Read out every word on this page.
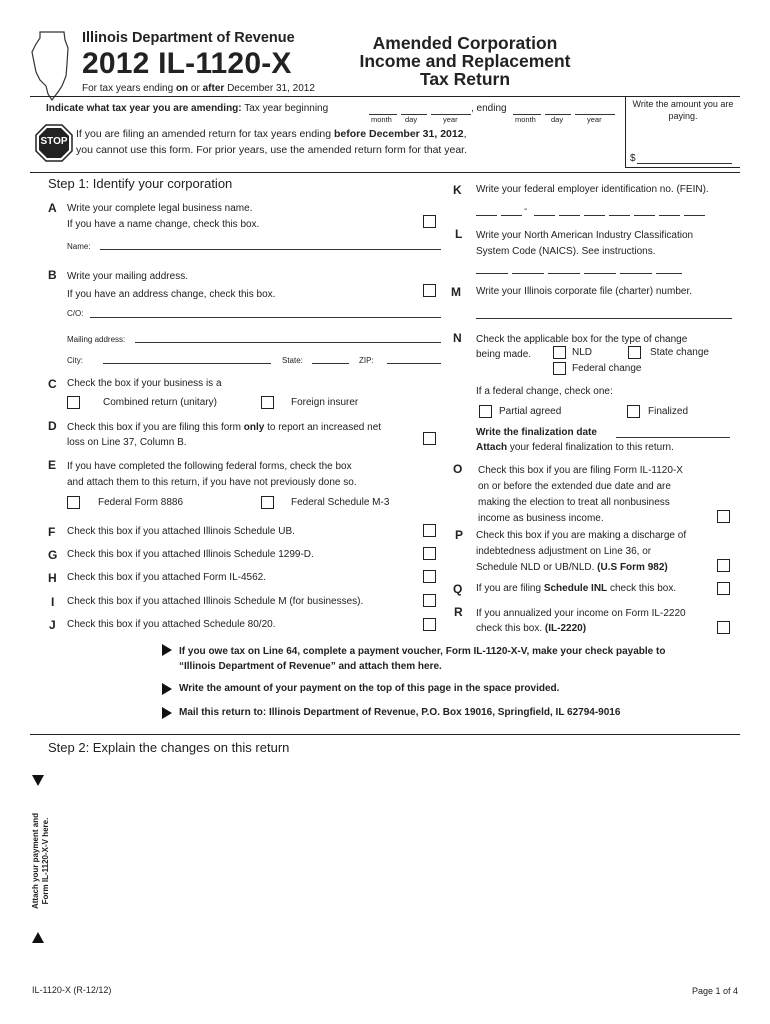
Illinois Department of Revenue
2012 IL-1120-X
For tax years ending on or after December 31, 2012
Amended Corporation
Income and Replacement
Tax Return
Indicate what tax year you are amending: Tax year beginning	, ending
month day	year	month day	year
STOP
If you are filing an amended return for tax years ending before December 31, 2012,
you cannot use this form. For prior years, use the amended return form for that year.
Write the amount you are paying.
$
Step 1: Identify your corporation
A Write your complete legal business name.
If you have a name change, check this box.
Name:
B Write your mailing address.
If you have an address change, check this box.
C/O:
Mailing address:
City:	State:	ZIP:
C Check the box if your business is a
Combined return (unitary)	Foreign insurer
D Check this box if you are filing this form only to report an increased net
loss on Line 37, Column B.
E If you have completed the following federal forms, check the box
and attach them to this return, if you have not previously done so.
Federal Form 8886	Federal Schedule M-3
F Check this box if you attached Illinois Schedule UB.
G Check this box if you attached Illinois Schedule 1299-D.
H Check this box if you attached Form IL-4562.
I Check this box if you attached Illinois Schedule M (for businesses).
J Check this box if you attached Schedule 80/20.
K Write your federal employer identification no. (FEIN).
-
L Write your North American Industry Classification
System Code (NAICS). See instructions.
M Write your Illinois corporate file (charter) number.
N Check the applicable box for the type of change
being made.	NLD	State change
Federal change
If a federal change, check one:
Partial agreed	Finalized
Write the finalization date
Attach your federal finalization to this return.
O Check this box if you are filing Form IL-1120-X
on or before the extended due date and are
making the election to treat all nonbusiness
income as business income.
P Check this box if you are making a discharge of
indebtedness adjustment on Line 36, or
Schedule NLD or UB/NLD. (U.S Form 982)
Q If you are filing Schedule INL check this box.
R If you annualized your income on Form IL-2220
check this box. (IL-2220)
If you owe tax on Line 64, complete a payment voucher, Form IL-1120-X-V, make your check payable to
“Illinois Department of Revenue” and attach them here.
Write the amount of your payment on the top of this page in the space provided.
Mail this return to: Illinois Department of Revenue, P.O. Box 19016, Springfield, IL 62794-9016
Step 2: Explain the changes on this return
Attach your payment and Form IL-1120-X-V here.
IL-1120-X (R-12/12)	Page 1 of 4
